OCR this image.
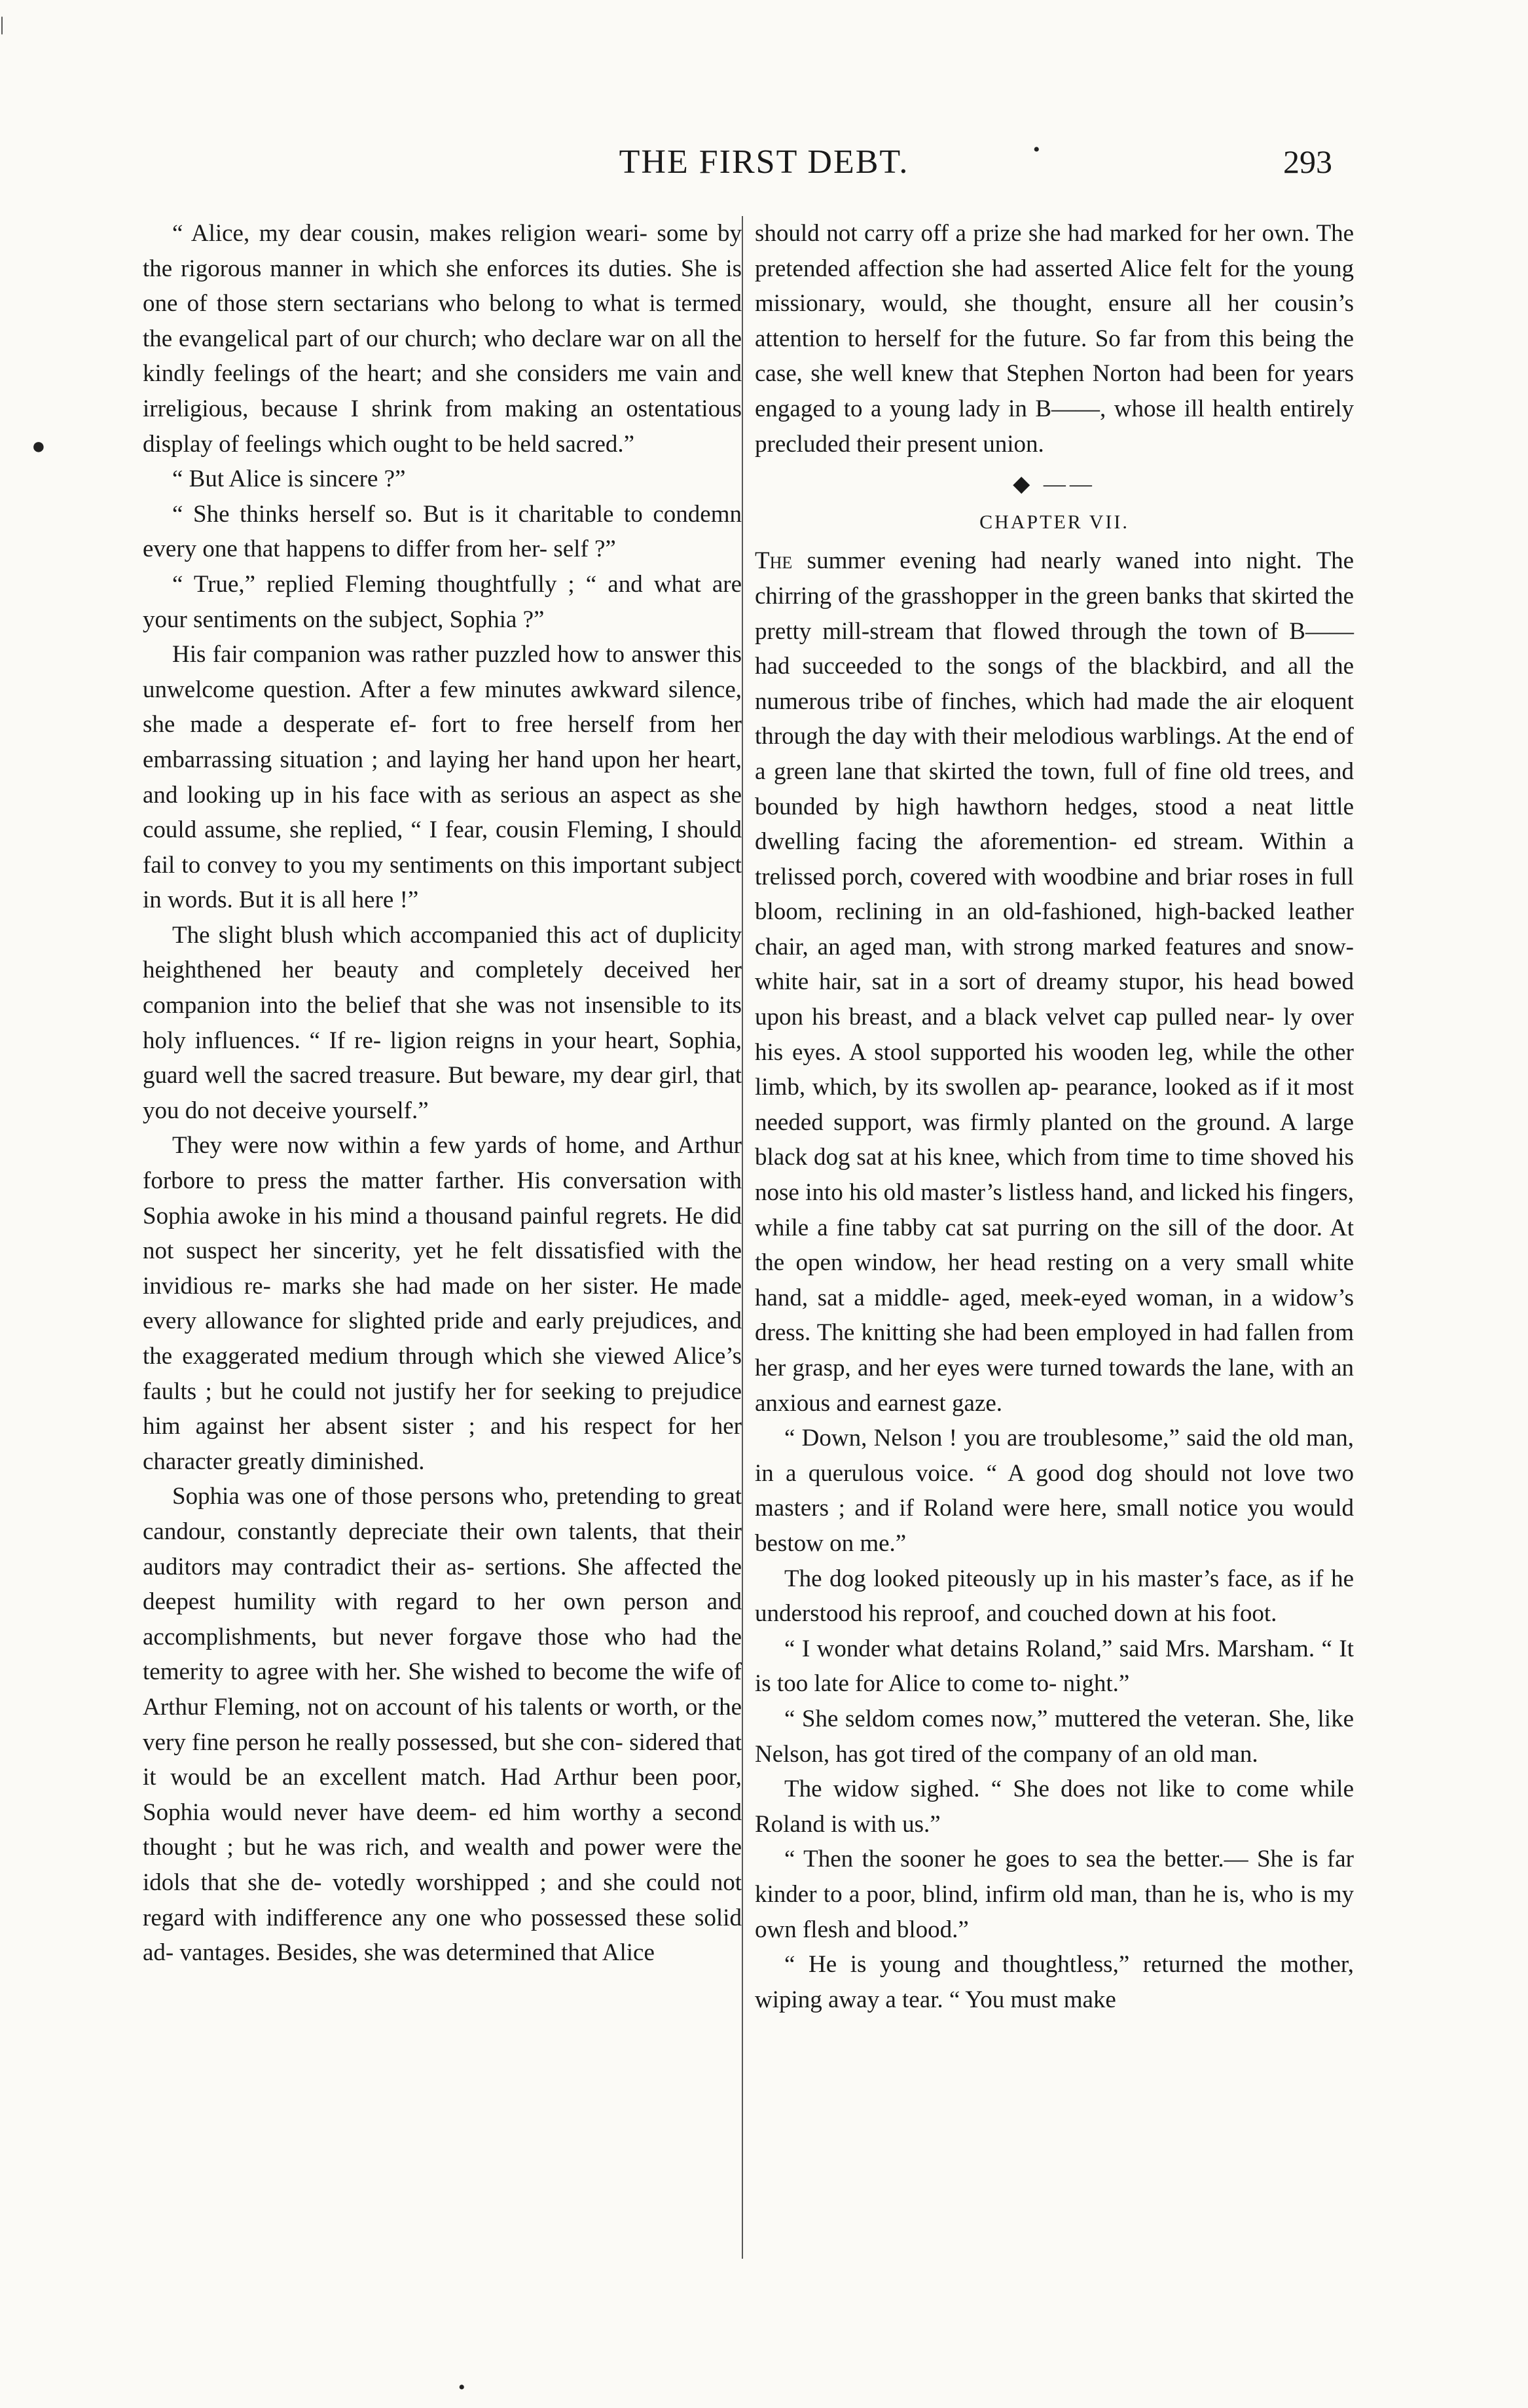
THE FIRST DEBT.	293
|
•
●
•

“ Alice, my dear cousin, makes religion weari- some by the rigorous manner in which she enforces its duties. She is one of those stern sectarians who belong to what is termed the evangelical part of our church; who declare war on all the kindly feelings of the heart; and she considers me vain and irreligious, because I shrink from making an ostentatious display of feelings which ought to be held sacred.”

“ But Alice is sincere ?”

“ She thinks herself so. But is it charitable to condemn every one that happens to differ from her- self ?”

“ True,” replied Fleming thoughtfully ; “ and what are your sentiments on the subject, Sophia ?”

His fair companion was rather puzzled how to answer this unwelcome question. After a few minutes awkward silence, she made a desperate ef- fort to free herself from her embarrassing situation ; and laying her hand upon her heart, and looking up in his face with as serious an aspect as she could assume, she replied, “ I fear, cousin Fleming, I should fail to convey to you my sentiments on this important subject in words. But it is all here !”

The slight blush which accompanied this act of duplicity heighthened her beauty and completely deceived her companion into the belief that she was not insensible to its holy influences. “ If re- ligion reigns in your heart, Sophia, guard well the sacred treasure. But beware, my dear girl, that you do not deceive yourself.”

They were now within a few yards of home, and Arthur forbore to press the matter farther. His conversation with Sophia awoke in his mind a thousand painful regrets. He did not suspect her sincerity, yet he felt dissatisfied with the invidious re- marks she had made on her sister. He made every allowance for slighted pride and early prejudices, and the exaggerated medium through which she viewed Alice’s faults ; but he could not justify her for seeking to prejudice him against her absent sister ; and his respect for her character greatly diminished.

Sophia was one of those persons who, pretending to great candour, constantly depreciate their own talents, that their auditors may contradict their as- sertions. She affected the deepest humility with regard to her own person and accomplishments, but never forgave those who had the temerity to agree with her. She wished to become the wife of Arthur Fleming, not on account of his talents or worth, or the very fine person he really possessed, but she con- sidered that it would be an excellent match. Had Arthur been poor, Sophia would never have deem- ed him worthy a second thought ; but he was rich, and wealth and power were the idols that she de- votedly worshipped ; and she could not regard with indifference any one who possessed these solid ad- vantages. Besides, she was determined that Alice

should not carry off a prize she had marked for her own. The pretended affection she had asserted Alice felt for the young missionary, would, she thought, ensure all her cousin’s attention to herself for the future. So far from this being the case, she well knew that Stephen Norton had been for years engaged to a young lady in B——, whose ill health entirely precluded their present union.

◆ ——
CHAPTER VII.

The summer evening had nearly waned into night. The chirring of the grasshopper in the green banks that skirted the pretty mill-stream that flowed through the town of B—— had succeeded to the songs of the blackbird, and all the numerous tribe of finches, which had made the air eloquent through the day with their melodious warblings. At the end of a green lane that skirted the town, full of fine old trees, and bounded by high hawthorn hedges, stood a neat little dwelling facing the aforemention- ed stream. Within a trelissed porch, covered with woodbine and briar roses in full bloom, reclining in an old-fashioned, high-backed leather chair, an aged man, with strong marked features and snow-white hair, sat in a sort of dreamy stupor, his head bowed upon his breast, and a black velvet cap pulled near- ly over his eyes. A stool supported his wooden leg, while the other limb, which, by its swollen ap- pearance, looked as if it most needed support, was firmly planted on the ground. A large black dog sat at his knee, which from time to time shoved his nose into his old master’s listless hand, and licked his fingers, while a fine tabby cat sat purring on the sill of the door. At the open window, her head resting on a very small white hand, sat a middle- aged, meek-eyed woman, in a widow’s dress. The knitting she had been employed in had fallen from her grasp, and her eyes were turned towards the lane, with an anxious and earnest gaze.

“ Down, Nelson ! you are troublesome,” said the old man, in a querulous voice. “ A good dog should not love two masters ; and if Roland were here, small notice you would bestow on me.”

The dog looked piteously up in his master’s face, as if he understood his reproof, and couched down at his foot.

“ I wonder what detains Roland,” said Mrs. Marsham. “ It is too late for Alice to come to- night.”

“ She seldom comes now,” muttered the veteran. She, like Nelson, has got tired of the company of an old man.

The widow sighed. “ She does not like to come while Roland is with us.”

“ Then the sooner he goes to sea the better.— She is far kinder to a poor, blind, infirm old man, than he is, who is my own flesh and blood.”

“ He is young and thoughtless,” returned the mother, wiping away a tear. “ You must make
